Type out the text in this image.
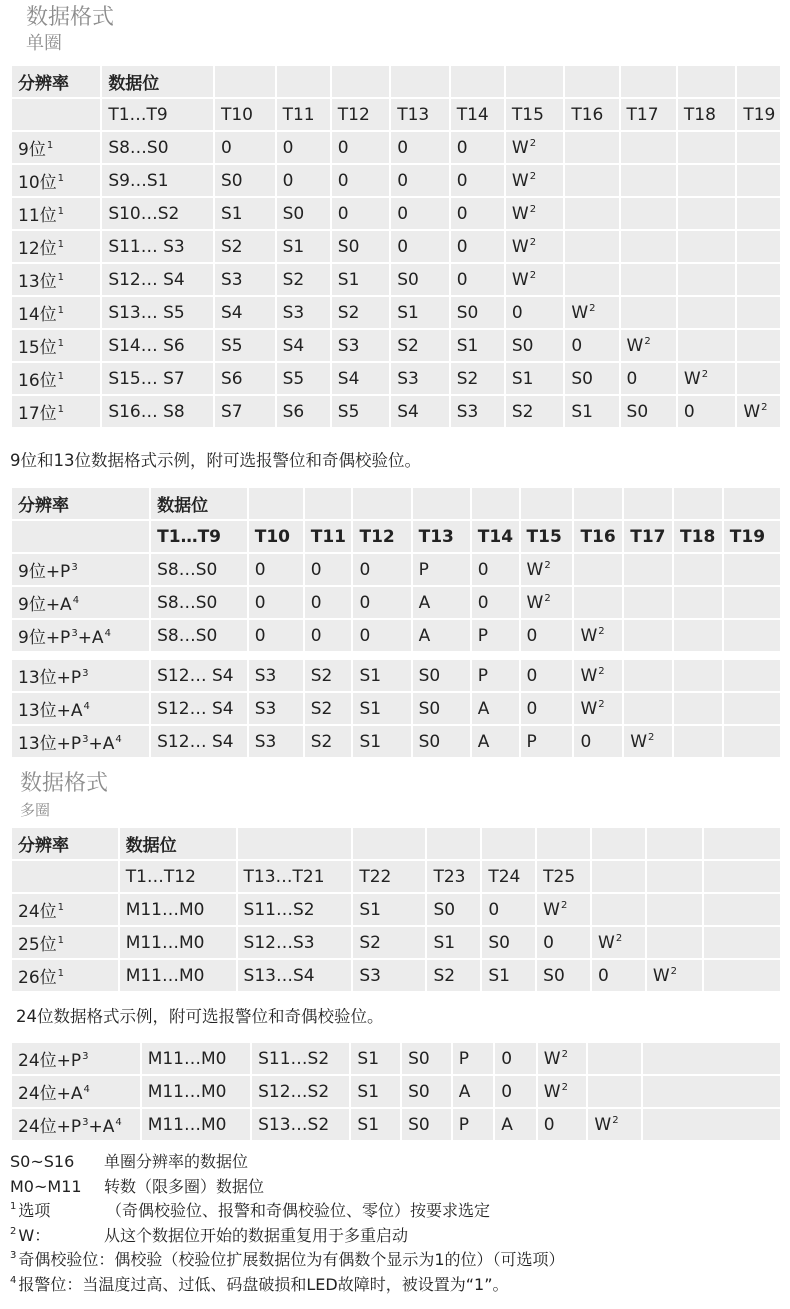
数据格式
单圈
分辨率	数据位										
	T1…T9	T10	T11	T12	T13	T14	T15	T16	T17	T18	T19
9位$^1$	S8…S0	0	0	0	0	0	$W^2$				
10位$^1$	S9…S1	S0	0	0	0	0	$W^2$				
11位$^1$	S10…S2	S1	S0	0	0	0	$W^2$				
12位$^1$	S11… S3	S2	S1	S0	0	0	$W^2$				
13位$^1$	S12… S4	S3	S2	S1	S0	0	$W^2$				
14位$^1$	S13… S5	S4	S3	S2	S1	S0	0	$W^2$			
15位$^1$	S14… S6	S5	S4	S3	S2	S1	S0	0	$W^2$		
16位$^1$	S15… S7	S6	S5	S4	S3	S2	S1	S0	0	$W^2$	
17位$^1$	S16… S8	S7	S6	S5	S4	S3	S2	S1	S0	0	$W^2$

9位和13位数据格式示例，附可选报警位和奇偶校验位。

分辨率	数据位										
	T1…T9	T10	T11	T12	T13	T14	T15	T16	T17	T18	T19
9位$+P^3$	S8…S0	0	0	0	P	0	$W^2$				
9位$+A^4$	S8…S0	0	0	0	A	0	$W^2$				
9位$+P^3+A^4$	S8…S0	0	0	0	A	P	0	$W^2$			
13位$+P^3$	S12… S4	S3	S2	S1	S0	P	0	$W^2$			
13位$+A^4$	S12… S4	S3	S2	S1	S0	A	0	$W^2$			
13位$+P^3+A^4$	S12… S4	S3	S2	S1	S0	A	P	0	$W^2$		
数据格式
多圈
分辨率	数据位								
	T1…T12	T13…T21	T22	T23	T24	T25			
24位$^1$	M11…M0	S11…S2	S1	S0	0	$W^2$			
25位$^1$	M11…M0	S12…S3	S2	S1	S0	0	$W^2$		
26位$^1$	M11…M0	S13…S4	S3	S2	S1	S0	0	$W^2$	

24位数据格式示例，附可选报警位和奇偶校验位。

24位$+P^3$	M11…M0	S11…S2	S1	S0	P	0	$W^2$		
24位$+A^4$	M11…M0	S12…S2	S1	S0	A	0	$W^2$		
24位$+P^3+A^4$	M11…M0	S13…S2	S1	S0	P	A	0	$W^2$	
S0~S16 单圈分辨率的数据位
M0~M11 转数（限多圈）数据位
$^1$ 选项	（奇偶校验位、报警和奇偶校验位、零位）按要求选定
$^2$ W：	从这个数据位开始的数据重复用于多重启动
$^3$ 奇偶校验位：偶校验（校验位扩展数据位为有偶数个显示为1的位）（可选项）
$^4$ 报警位：当温度过高、过低、码盘破损和LED故障时，被设置为“1”。
